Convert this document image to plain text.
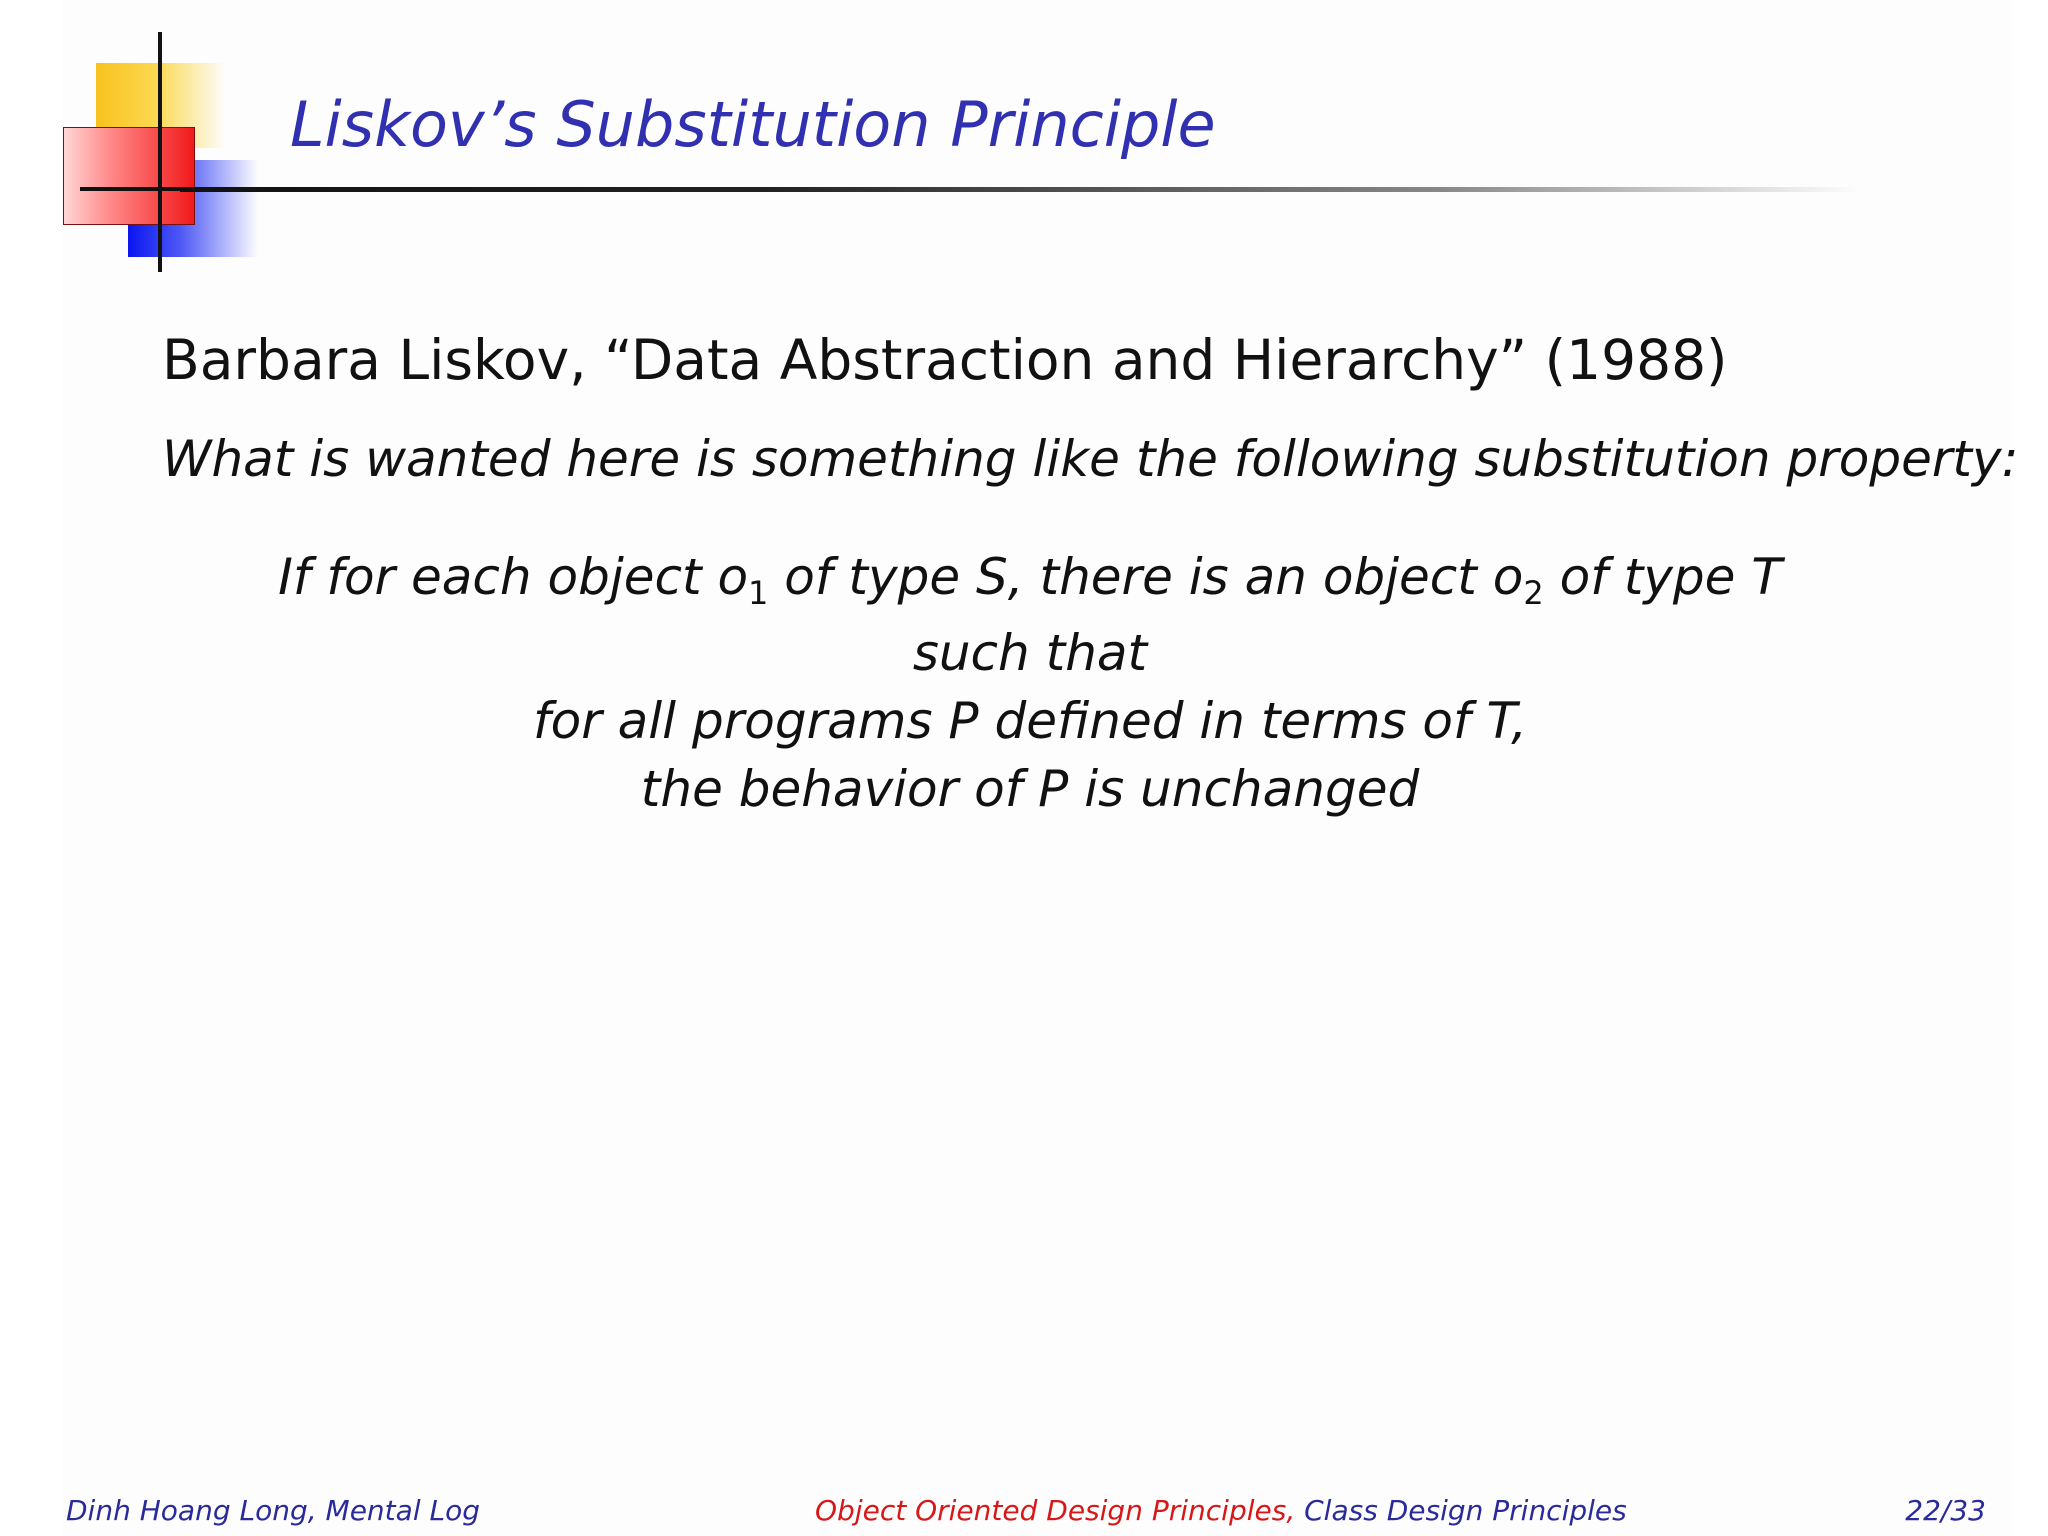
Liskov’s Substitution Principle
Barbara Liskov, “Data Abstraction and Hierarchy” (1988)
What is wanted here is something like the following substitution property:
If for each object $o_1$ of type S, there is an object $o_2$ of type T
such that
for all programs P defined in terms of T,
the behavior of P is unchanged
Dinh Hoang Long, Mental Log	Object Oriented Design Principles, Class Design Principles	22/33
